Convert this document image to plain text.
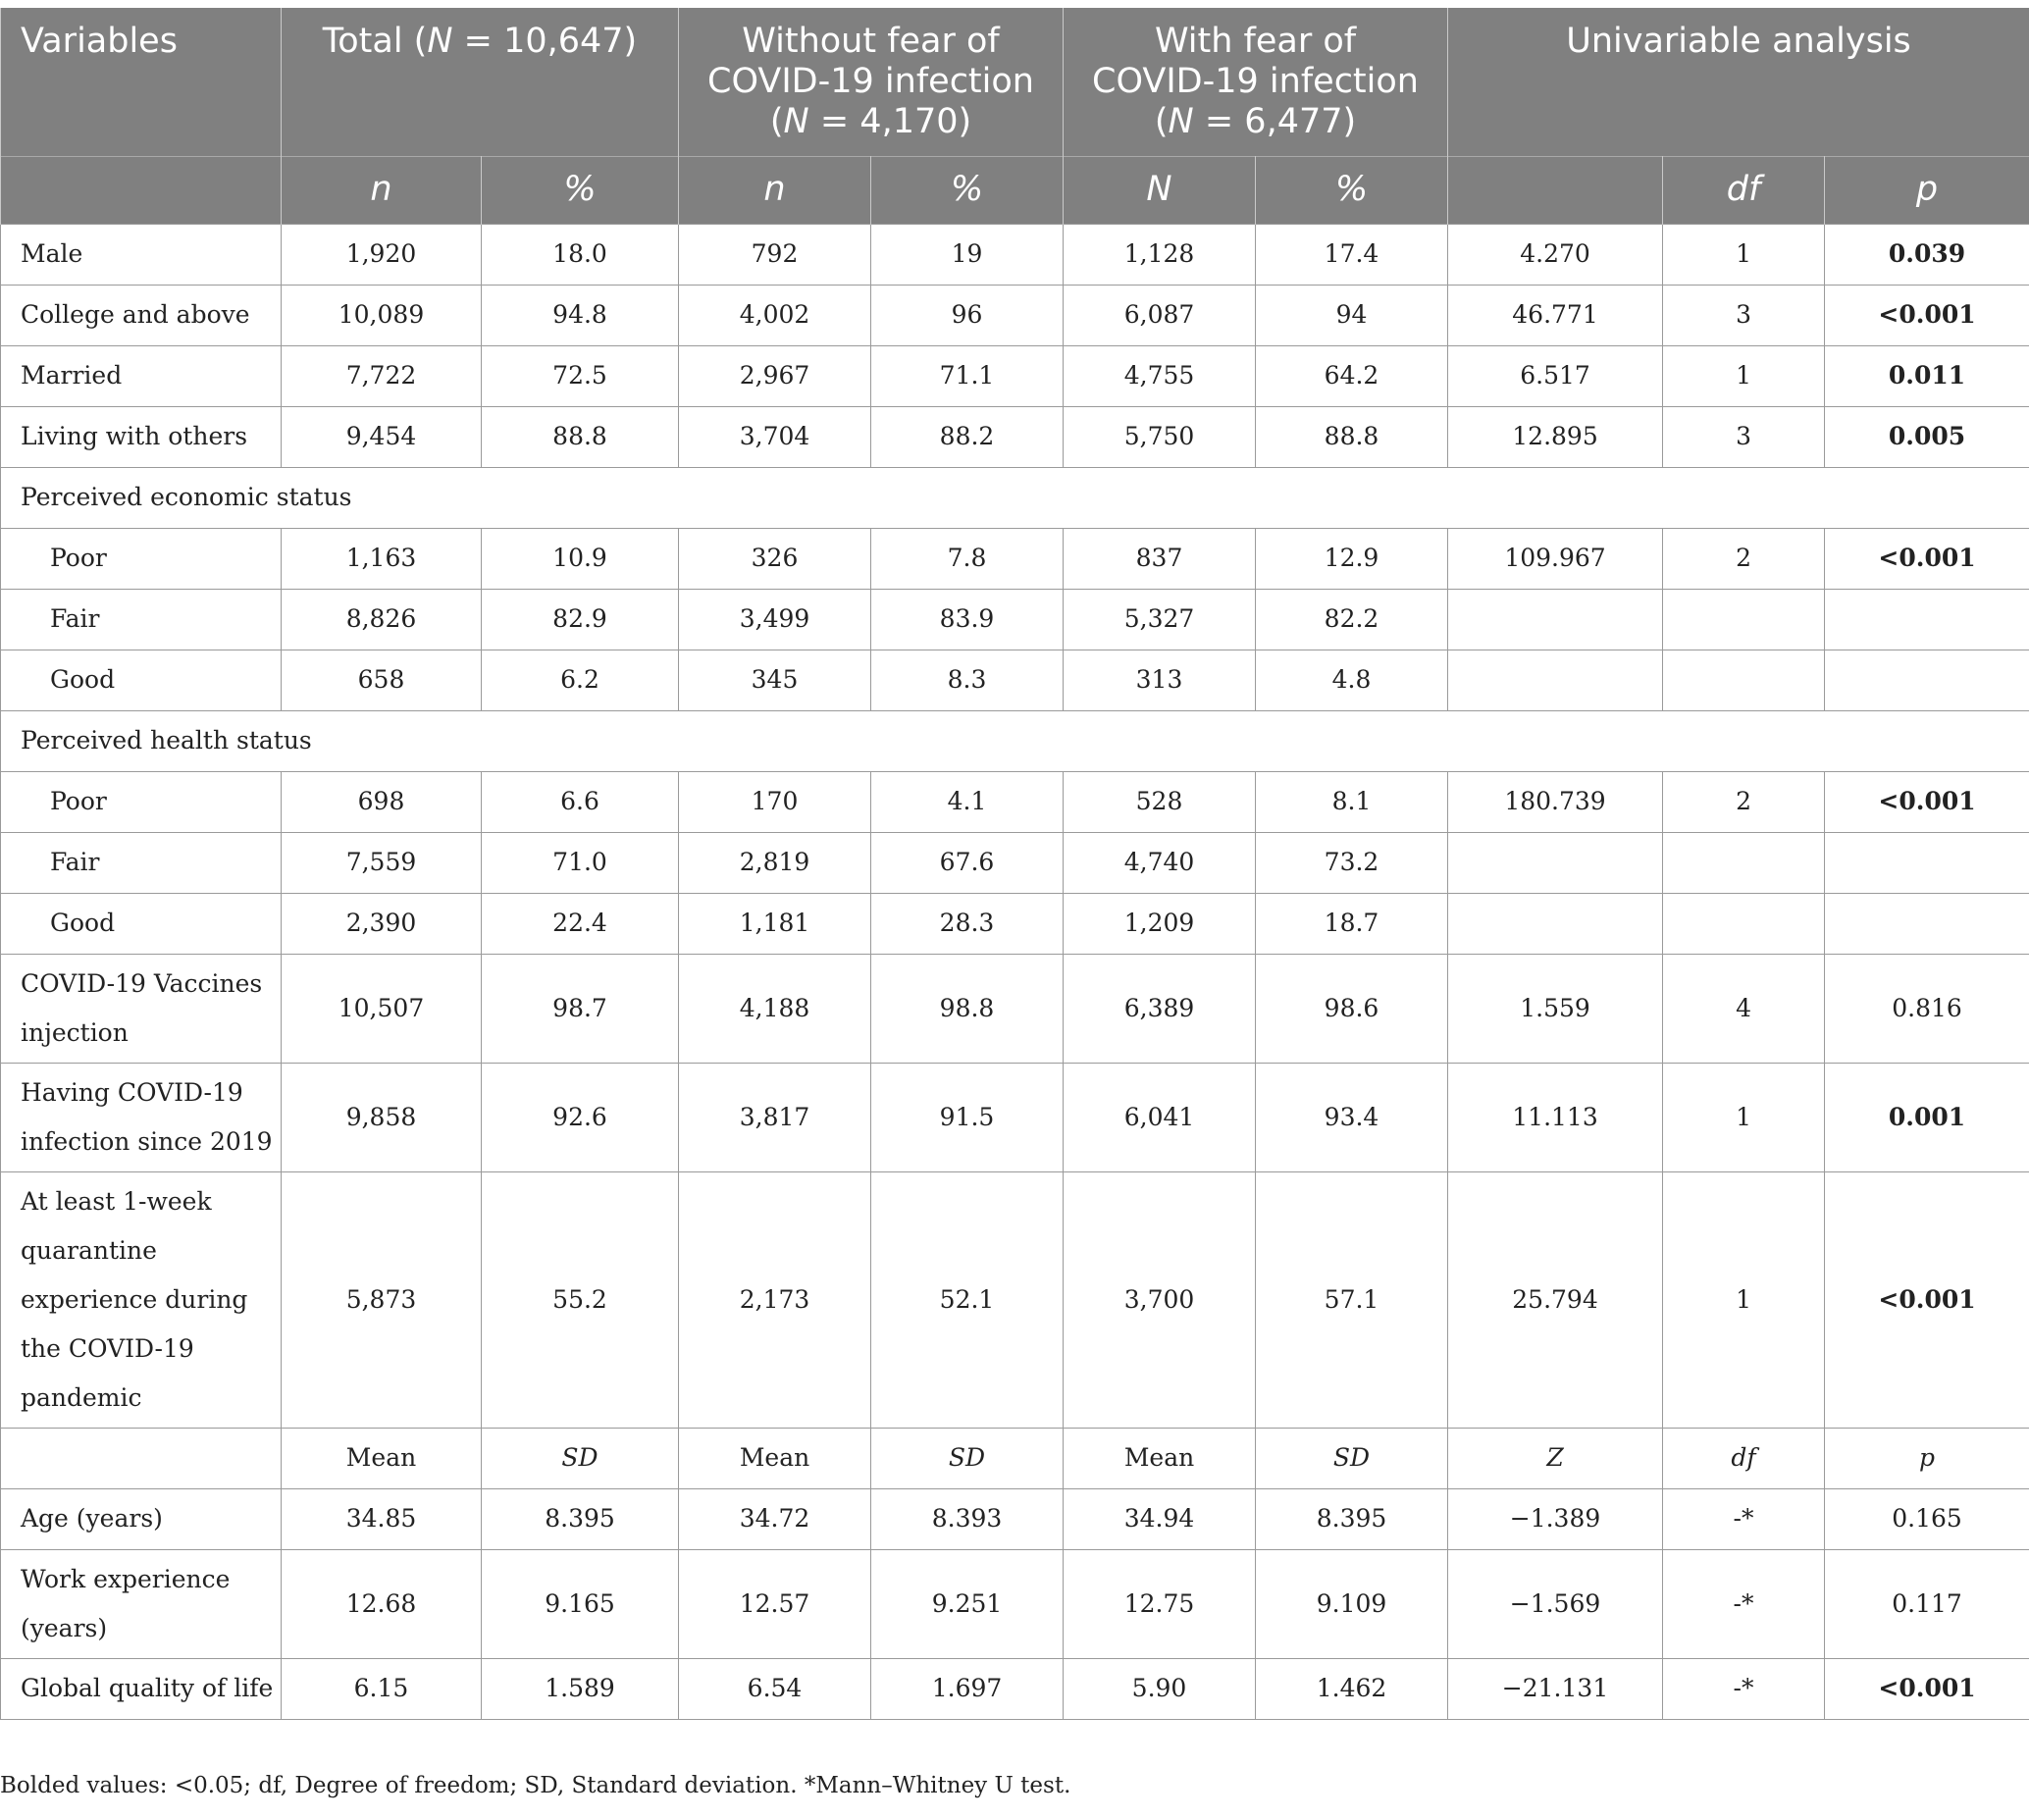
Variables	Total (N = 10,647)		Without fear of
COVID-19 infection
(N = 4,170)		With fear of
COVID-19 infection
(N = 6,477)		Univariable analysis		
	n	%	n	%	N	%		df	p
Male	1,920	18.0	792	19	1,128	17.4	4.270	1	0.039
College and above	10,089	94.8	4,002	96	6,087	94	46.771	3	<0.001
Married	7,722	72.5	2,967	71.1	4,755	64.2	6.517	1	0.011
Living with others	9,454	88.8	3,704	88.2	5,750	88.8	12.895	3	0.005
Perceived economic status									
Poor	1,163	10.9	326	7.8	837	12.9	109.967	2	<0.001
Fair	8,826	82.9	3,499	83.9	5,327	82.2			
Good	658	6.2	345	8.3	313	4.8			
Perceived health status									
Poor	698	6.6	170	4.1	528	8.1	180.739	2	<0.001
Fair	7,559	71.0	2,819	67.6	4,740	73.2			
Good	2,390	22.4	1,181	28.3	1,209	18.7			
COVID-19 Vaccines
injection	10,507	98.7	4,188	98.8	6,389	98.6	1.559	4	0.816
Having COVID-19
infection since 2019	9,858	92.6	3,817	91.5	6,041	93.4	11.113	1	0.001
At least 1-week
quarantine
experience during
the COVID-19
pandemic	5,873	55.2	2,173	52.1	3,700	57.1	25.794	1	<0.001
	Mean	SD	Mean	SD	Mean	SD	Z	df	p
Age (years)	34.85	8.395	34.72	8.393	34.94	8.395	−1.389	-*	0.165
Work experience
(years)	12.68	9.165	12.57	9.251	12.75	9.109	−1.569	-*	0.117
Global quality of life	6.15	1.589	6.54	1.697	5.90	1.462	−21.131	-*	<0.001
Bolded values: <0.05; df, Degree of freedom; SD, Standard deviation. *Mann–Whitney U test.
